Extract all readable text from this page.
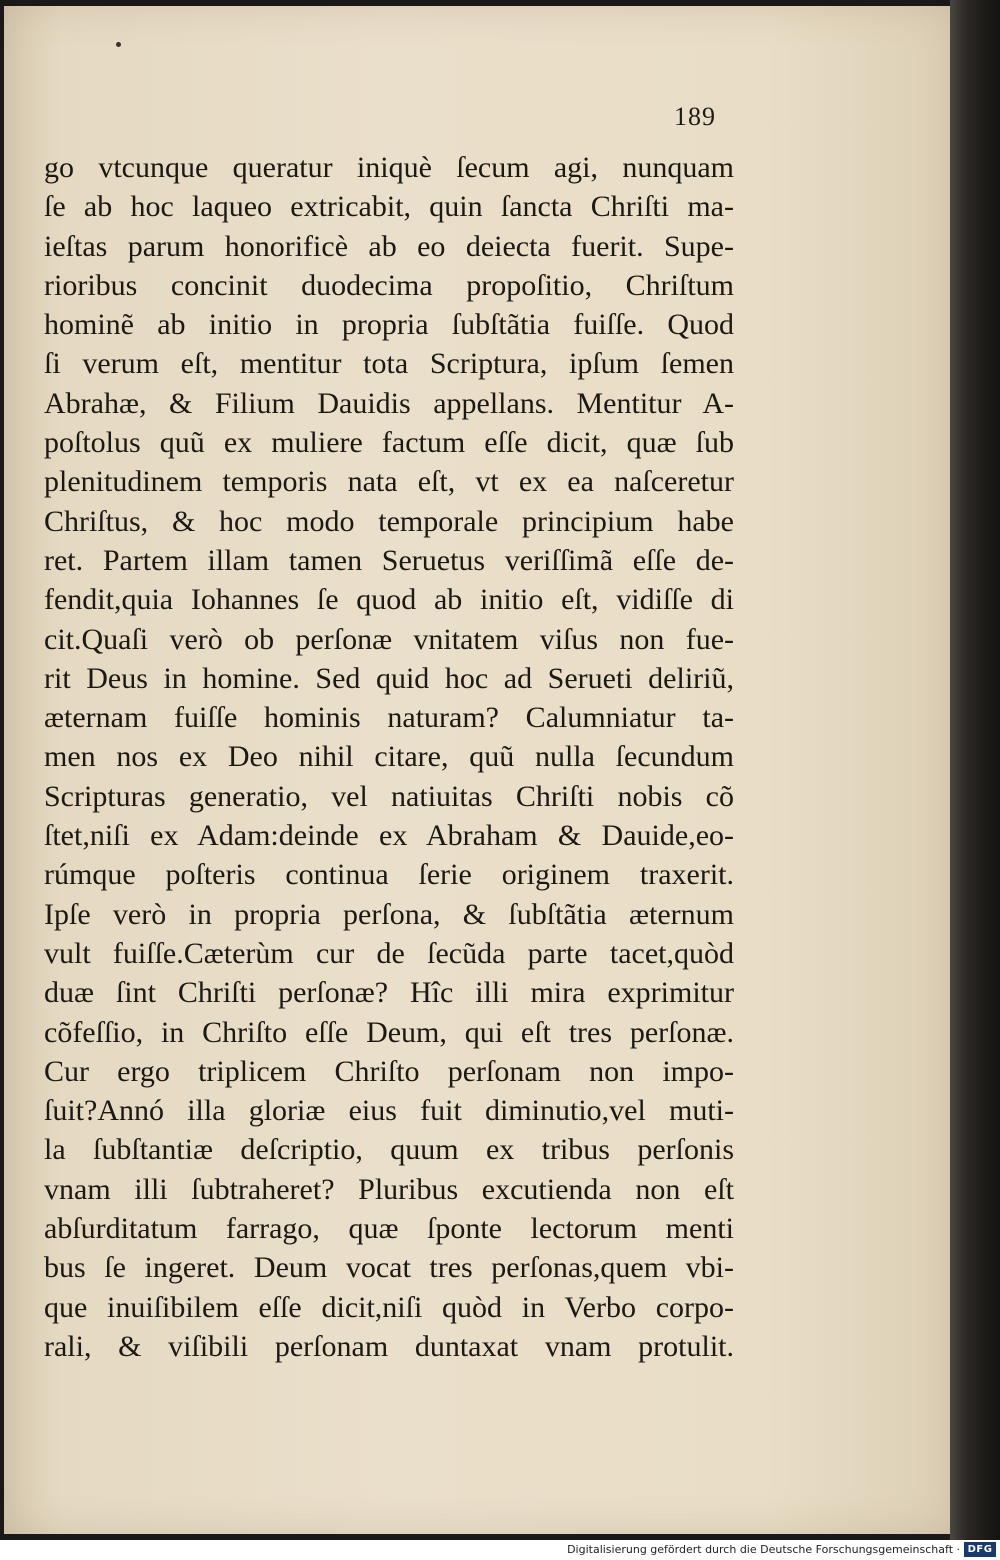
189
go vtcunque queratur iniquè ſecum agi, nunquam
ſe ab hoc laqueo extricabit, quin ſancta Chriſti ma-
ieſtas parum honorificè ab eo deiecta fuerit. Supe-
rioribus concinit duodecima propoſitio, Chriſtum
hominẽ ab initio in propria ſubſtãtia fuiſſe. Quod
ſi verum eſt, mentitur tota Scriptura, ipſum ſemen
Abrahæ, & Filium Dauidis appellans. Mentitur A-
poſtolus quũ ex muliere factum eſſe dicit, quæ ſub
plenitudinem temporis nata eſt, vt ex ea naſceretur
Chriſtus, & hoc modo temporale principium habe
ret. Partem illam tamen Seruetus veriſſimã eſſe de-
fendit,quia Iohannes ſe quod ab initio eſt, vidiſſe di
cit.Quaſi verò ob perſonæ vnitatem viſus non fue-
rit Deus in homine. Sed quid hoc ad Serueti deliriũ,
æternam fuiſſe hominis naturam? Calumniatur ta-
men nos ex Deo nihil citare, quũ nulla ſecundum
Scripturas generatio, vel natiuitas Chriſti nobis cõ
ſtet,niſi ex Adam:deinde ex Abraham & Dauide,eo-
rúmque poſteris continua ſerie originem traxerit.
Ipſe verò in propria perſona, & ſubſtãtia æternum
vult fuiſſe.Cæterùm cur de ſecũda parte tacet,quòd
duæ ſint Chriſti perſonæ? Hîc illi mira exprimitur
cõfeſſio, in Chriſto eſſe Deum, qui eſt tres perſonæ.
Cur ergo triplicem Chriſto perſonam non impo-
ſuit?Annó illa gloriæ eius fuit diminutio,vel muti-
la ſubſtantiæ deſcriptio, quum ex tribus perſonis
vnam illi ſubtraheret? Pluribus excutienda non eſt
abſurditatum farrago, quæ ſponte lectorum menti
bus ſe ingeret. Deum vocat tres perſonas,quem vbi-
que inuiſibilem eſſe dicit,niſi quòd in Verbo corpo-
rali, & viſibili perſonam duntaxat vnam protulit.
Digitalisierung gefördert durch die Deutsche Forschungsgemeinschaft · DFG
